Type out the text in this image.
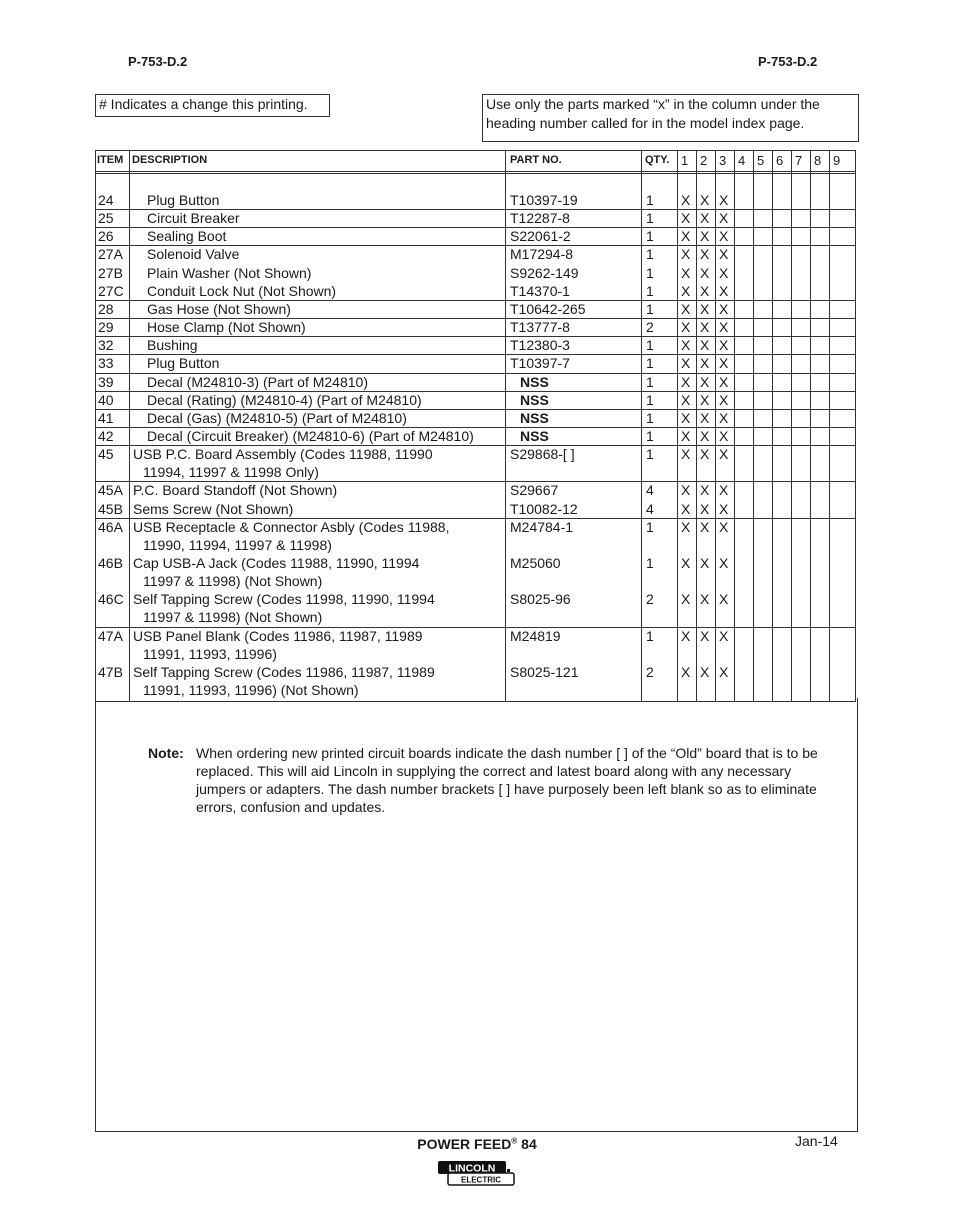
P-753-D.2	P-753-D.2
# Indicates a change this printing.	Use only the parts marked “x” in the column under the heading number called for in the model index page.
ITEM DESCRIPTION	PART NO.	QTY. 1 2 3 4 5 6 7 8 9
24 Plug Button	T10397-19	1 X X X
25 Circuit Breaker	T12287-8	1 X X X
26 Sealing Boot	S22061-2	1 X X X
27A Solenoid Valve	M17294-8	1 X X X
27B Plain Washer (Not Shown)	S9262-149	1 X X X
27C Conduit Lock Nut (Not Shown)	T14370-1	1 X X X
28 Gas Hose (Not Shown)	T10642-265	1 X X X
29 Hose Clamp (Not Shown)	T13777-8	2 X X X
32 Bushing	T12380-3	1 X X X
33 Plug Button	T10397-7	1 X X X
39 Decal (M24810-3) (Part of M24810)	NSS	1 X X X
40 Decal (Rating) (M24810-4) (Part of M24810)	NSS	1 X X X
41 Decal (Gas) (M24810-5) (Part of M24810)	NSS	1 X X X
42 Decal (Circuit Breaker) (M24810-6) (Part of M24810)	NSS	1 X X X
45 USB P.C. Board Assembly (Codes 11988, 11990
11994, 11997 & 11998 Only)
S29868-[ ]	1 X X X
45A P.C. Board Standoff (Not Shown)	S29667	4 X X X
45B Sems Screw (Not Shown)	T10082-12	4 X X X
46A USB Receptacle & Connector Asbly (Codes 11988,
11990, 11994, 11997 & 11998)
M24784-1	1 X X X
46B Cap USB-A Jack (Codes 11988, 11990, 11994
11997 & 11998) (Not Shown)
M25060	1 X X X
46C Self Tapping Screw (Codes 11998, 11990, 11994
11997 & 11998) (Not Shown)
S8025-96	2 X X X
47A USB Panel Blank (Codes 11986, 11987, 11989
11991, 11993, 11996)
M24819	1 X X X
47B Self Tapping Screw (Codes 11986, 11987, 11989
11991, 11993, 11996) (Not Shown)
S8025-121	2 X X X
Note: When ordering new printed circuit boards indicate the dash number [ ] of the “Old” board that is to be replaced. This will aid Lincoln in supplying the correct and latest board along with any necessary jumpers or adapters. The dash number brackets [ ] have purposely been left blank so as to eliminate errors, confusion and updates.
POWER FEED® 84	Jan-14
LINCOLN
ELECTRIC
